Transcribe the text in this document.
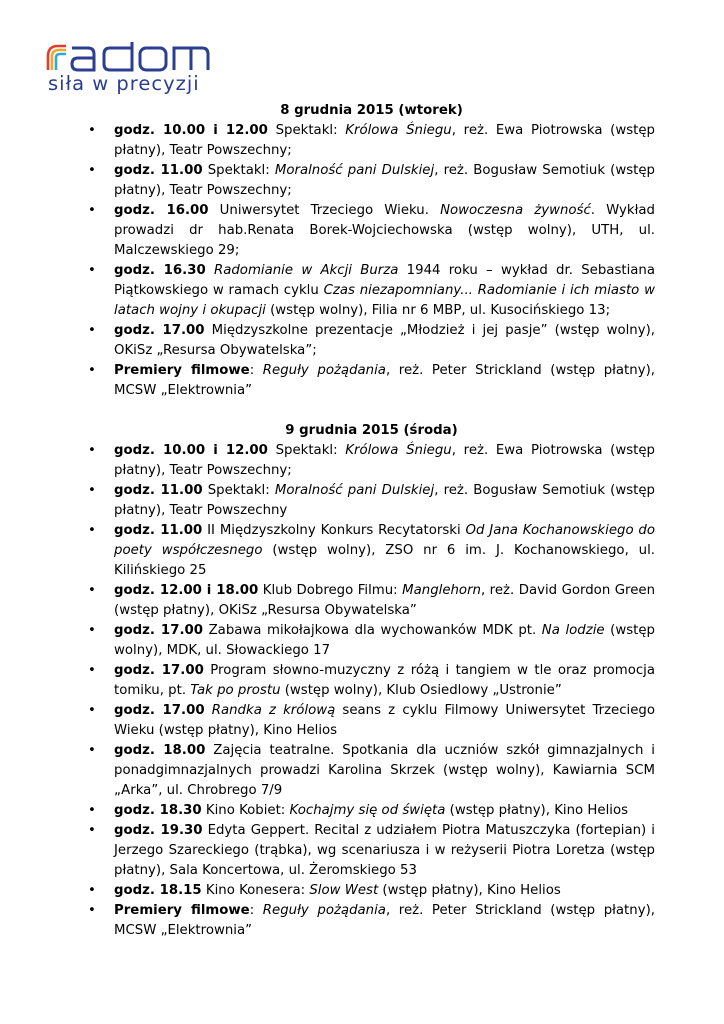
siła w precyzji

8 grudnia 2015 (wtorek)

• godz. 10.00 i 12.00 Spektakl: Królowa Śniegu, reż. Ewa Piotrowska (wstęp płatny), Teatr Powszechny;
• godz. 11.00 Spektakl: Moralność pani Dulskiej, reż. Bogusław Semotiuk (wstęp płatny), Teatr Powszechny;
• godz. 16.00 Uniwersytet Trzeciego Wieku. Nowoczesna żywność. Wykład prowadzi dr hab.Renata Borek-Wojciechowska (wstęp wolny), UTH, ul. Malczewskiego 29;
• godz. 16.30 Radomianie w Akcji Burza 1944 roku – wykład dr. Sebastiana Piątkowskiego w ramach cyklu Czas niezapomniany... Radomianie i ich miasto w latach wojny i okupacji (wstęp wolny), Filia nr 6 MBP, ul. Kusocińskiego 13;
• godz. 17.00 Międzyszkolne prezentacje „Młodzież i jej pasje” (wstęp wolny), OKiSz „Resursa Obywatelska”;
• Premiery filmowe: Reguły pożądania, reż. Peter Strickland (wstęp płatny), MCSW „Elektrownia”

9 grudnia 2015 (środa)

• godz. 10.00 i 12.00 Spektakl: Królowa Śniegu, reż. Ewa Piotrowska (wstęp płatny), Teatr Powszechny;
• godz. 11.00 Spektakl: Moralność pani Dulskiej, reż. Bogusław Semotiuk (wstęp płatny), Teatr Powszechny
• godz. 11.00 II Międzyszkolny Konkurs Recytatorski Od Jana Kochanowskiego do poety współczesnego (wstęp wolny), ZSO nr 6 im. J. Kochanowskiego, ul. Kilińskiego 25
• godz. 12.00 i 18.00 Klub Dobrego Filmu: Manglehorn, reż. David Gordon Green (wstęp płatny), OKiSz „Resursa Obywatelska”
• godz. 17.00 Zabawa mikołajkowa dla wychowanków MDK pt. Na lodzie (wstęp wolny), MDK, ul. Słowackiego 17
• godz. 17.00 Program słowno-muzyczny z różą i tangiem w tle oraz promocja tomiku, pt. Tak po prostu (wstęp wolny), Klub Osiedlowy „Ustronie”
• godz. 17.00 Randka z królową seans z cyklu Filmowy Uniwersytet Trzeciego Wieku (wstęp płatny), Kino Helios
• godz. 18.00 Zajęcia teatralne. Spotkania dla uczniów szkół gimnazjalnych i ponadgimnazjalnych prowadzi Karolina Skrzek (wstęp wolny), Kawiarnia SCM „Arka”, ul. Chrobrego 7/9
• godz. 18.30 Kino Kobiet: Kochajmy się od święta (wstęp płatny), Kino Helios
• godz. 19.30 Edyta Geppert. Recital z udziałem Piotra Matuszczyka (fortepian) i Jerzego Szareckiego (trąbka), wg scenariusza i w reżyserii Piotra Loretza (wstęp płatny), Sala Koncertowa, ul. Żeromskiego 53
• godz. 18.15 Kino Konesera: Slow West (wstęp płatny), Kino Helios
• Premiery filmowe: Reguły pożądania, reż. Peter Strickland (wstęp płatny), MCSW „Elektrownia”
